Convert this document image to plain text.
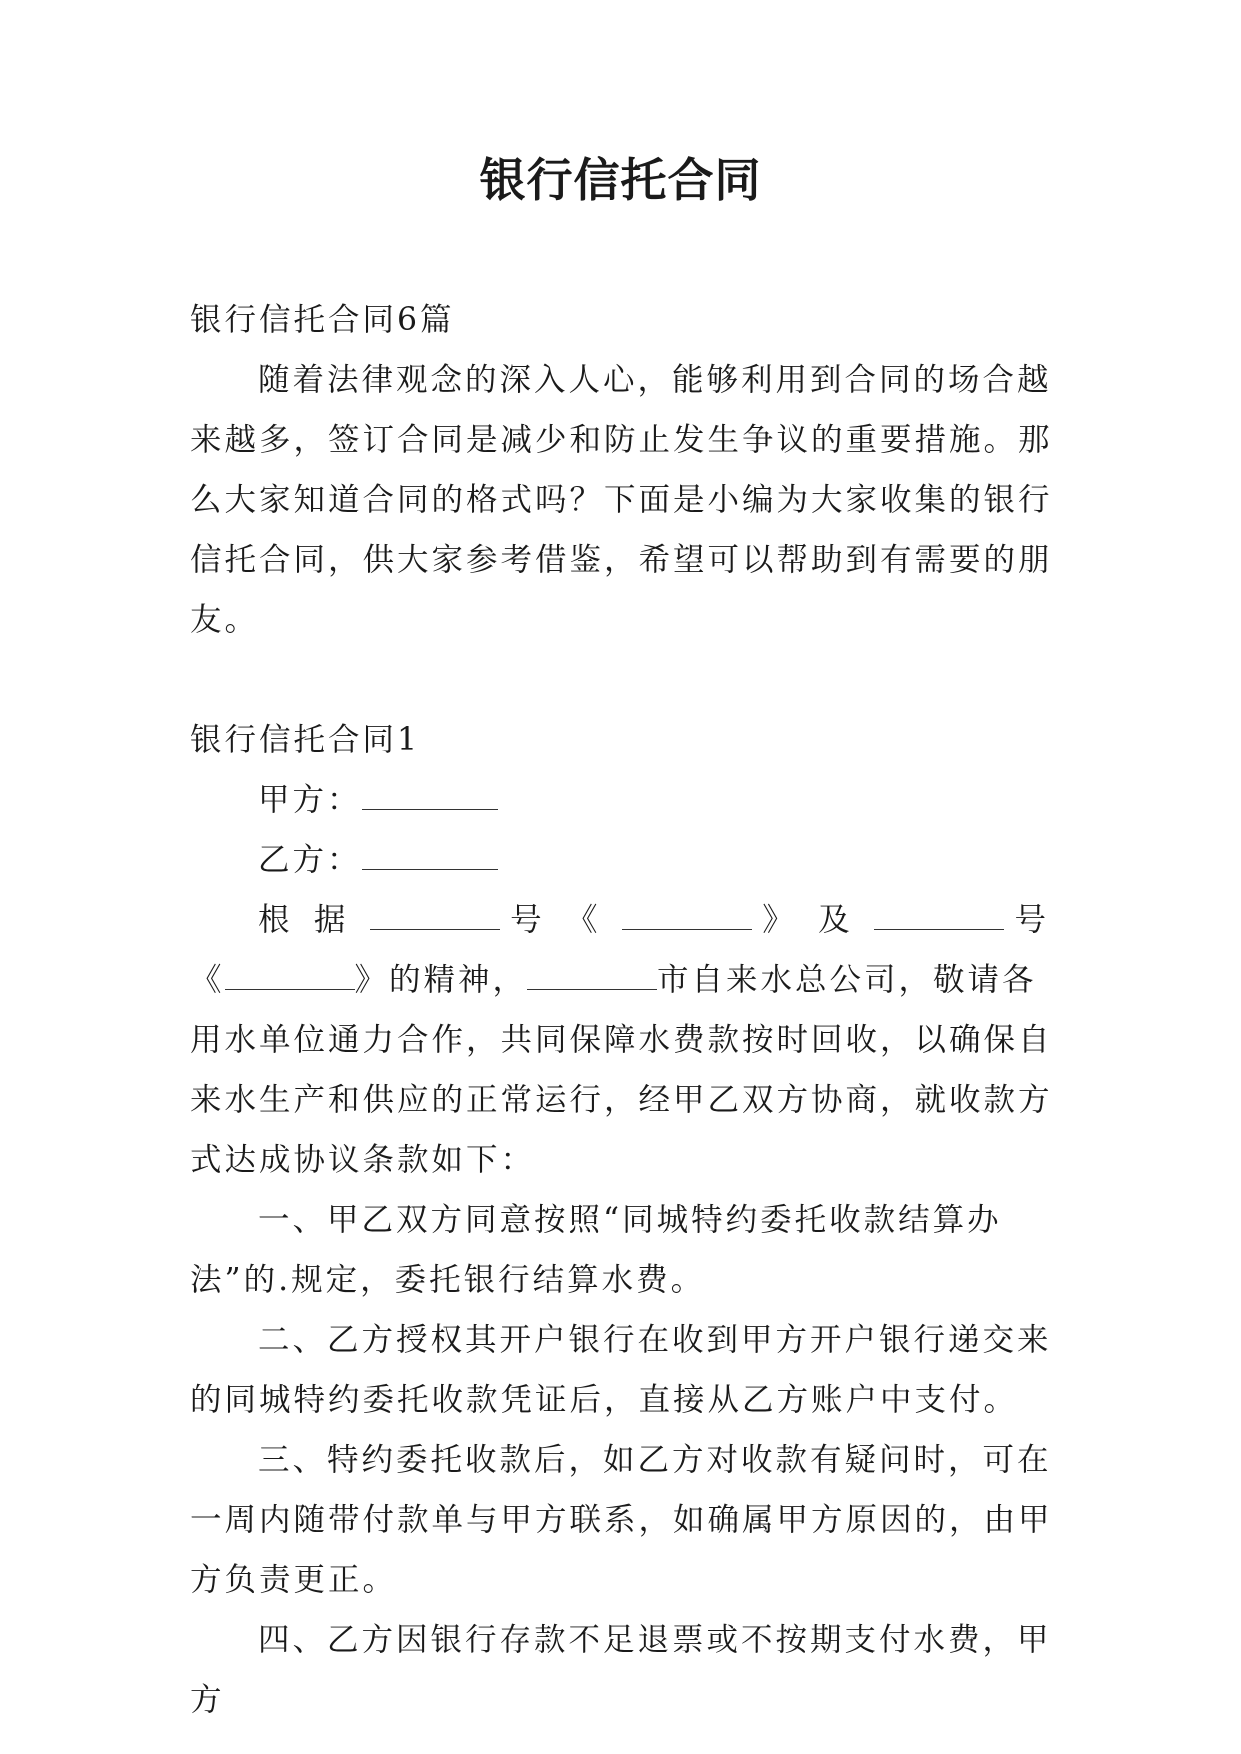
银行信托合同

银行信托合同6篇

随着法律观念的深入人心，能够利用到合同的场合越来越多，签订合同是减少和防止发生争议的重要措施。那么大家知道合同的格式吗？下面是小编为大家收集的银行信托合同，供大家参考借鉴，希望可以帮助到有需要的朋友。

银行信托合同1

甲方：

乙方：

根据	号《	》及	号

《	》的精神，	市自来水总公司，敬请各用水单位通力合作，共同保障水费款按时回收，以确保自来水生产和供应的正常运行，经甲乙双方协商，就收款方式达成协议条款如下：

一、甲乙双方同意按照“同城特约委托收款结算办法”的.规定，委托银行结算水费。

二、乙方授权其开户银行在收到甲方开户银行递交来的同城特约委托收款凭证后，直接从乙方账户中支付。

三、特约委托收款后，如乙方对收款有疑问时，可在一周内随带付款单与甲方联系，如确属甲方原因的，由甲方负责更正。

四、乙方因银行存款不足退票或不按期支付水费，甲方
